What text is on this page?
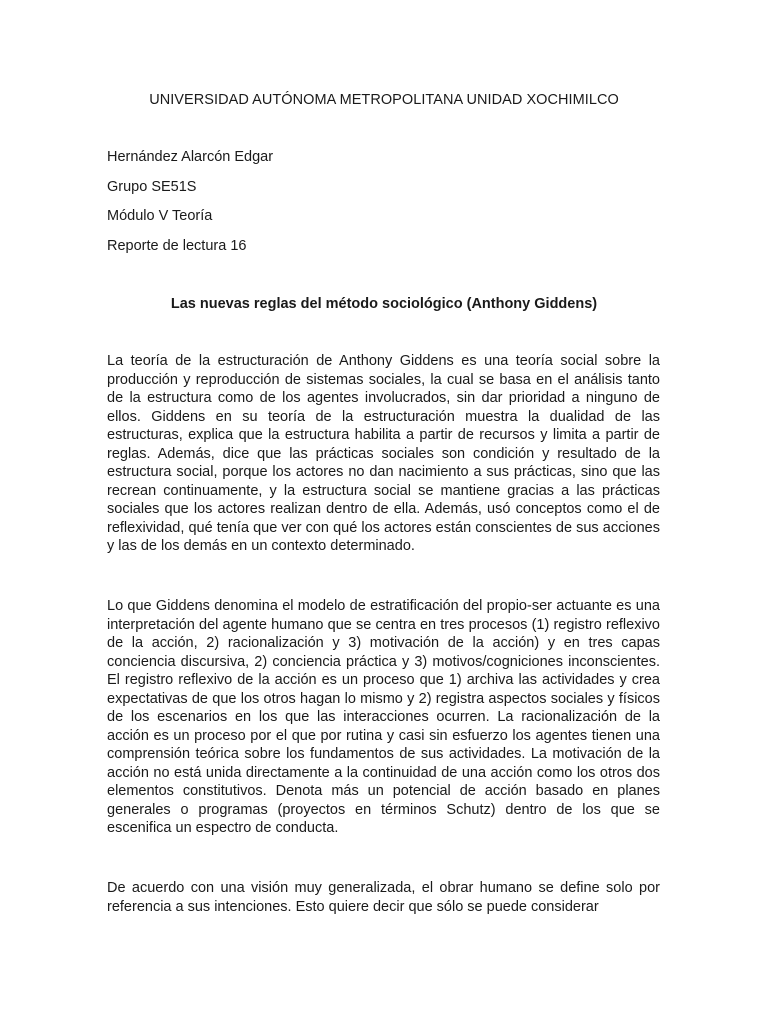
UNIVERSIDAD AUTÓNOMA METROPOLITANA UNIDAD XOCHIMILCO
Hernández Alarcón Edgar
Grupo SE51S
Módulo V Teoría
Reporte de lectura 16
Las nuevas reglas del método sociológico (Anthony Giddens)

La teoría de la estructuración de Anthony Giddens es una teoría social sobre la producción y reproducción de sistemas sociales, la cual se basa en el análisis tanto de la estructura como de los agentes involucrados, sin dar prioridad a ninguno de ellos. Giddens en su teoría de la estructuración muestra la dualidad de las estructuras, explica que la estructura habilita a partir de recursos y limita a partir de reglas. Además, dice que las prácticas sociales son condición y resultado de la estructura social, porque los actores no dan nacimiento a sus prácticas, sino que las recrean continuamente, y la estructura social se mantiene gracias a las prácticas sociales que los actores realizan dentro de ella. Además, usó conceptos como el de reflexividad, qué tenía que ver con qué los actores están conscientes de sus acciones y las de los demás en un contexto determinado.

Lo que Giddens denomina el modelo de estratificación del propio-ser actuante es una interpretación del agente humano que se centra en tres procesos (1) registro reflexivo de la acción, 2) racionalización y 3) motivación de la acción) y en tres capas conciencia discursiva, 2) conciencia práctica y 3) motivos/cogniciones inconscientes. El registro reflexivo de la acción es un proceso que 1) archiva las actividades y crea expectativas de que los otros hagan lo mismo y 2) registra aspectos sociales y físicos de los escenarios en los que las interacciones ocurren. La racionalización de la acción es un proceso por el que por rutina y casi sin esfuerzo los agentes tienen una comprensión teórica sobre los fundamentos de sus actividades. La motivación de la acción no está unida directamente a la continuidad de una acción como los otros dos elementos constitutivos. Denota más un potencial de acción basado en planes generales o programas (proyectos en términos Schutz) dentro de los que se escenifica un espectro de conducta.

De acuerdo con una visión muy generalizada, el obrar humano se define solo por referencia a sus intenciones. Esto quiere decir que sólo se puede considerar
